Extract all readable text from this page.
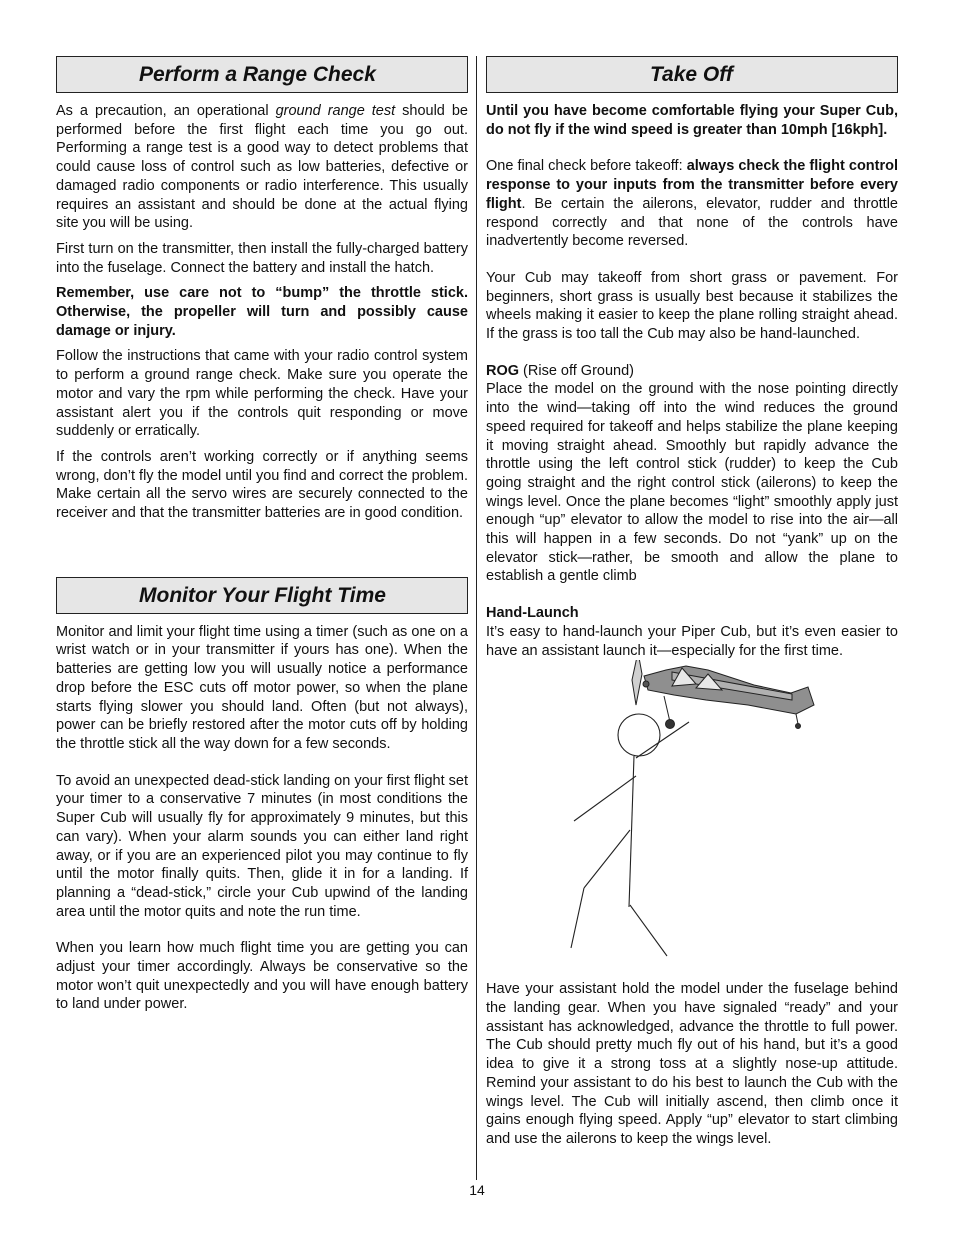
Perform a Range Check

As a precaution, an operational ground range test should be performed before the first flight each time you go out. Performing a range test is a good way to detect problems that could cause loss of control such as low batteries, defective or damaged radio components or radio interference. This usually requires an assistant and should be done at the actual flying site you will be using.

First turn on the transmitter, then install the fully-charged battery into the fuselage. Connect the battery and install the hatch.

Remember, use care not to “bump” the throttle stick. Otherwise, the propeller will turn and possibly cause damage or injury.

Follow the instructions that came with your radio control system to perform a ground range check. Make sure you operate the motor and vary the rpm while performing the check. Have your assistant alert you if the controls quit responding or move suddenly or erratically.

If the controls aren’t working correctly or if anything seems wrong, don’t fly the model until you find and correct the problem. Make certain all the servo wires are securely connected to the receiver and that the transmitter batteries are in good condition.

Monitor Your Flight Time

Monitor and limit your flight time using a timer (such as one on a wrist watch or in your transmitter if yours has one). When the batteries are getting low you will usually notice a performance drop before the ESC cuts off motor power, so when the plane starts flying slower you should land. Often (but not always), power can be briefly restored after the motor cuts off by holding the throttle stick all the way down for a few seconds.

To avoid an unexpected dead-stick landing on your first flight set your timer to a conservative 7 minutes (in most conditions the Super Cub will usually fly for approximately 9 minutes, but this can vary). When your alarm sounds you can either land right away, or if you are an experienced pilot you may continue to fly until the motor finally quits. Then, glide it in for a landing. If planning a “dead-stick,” circle your Cub upwind of the landing area until the motor quits and note the run time.

When you learn how much flight time you are getting you can adjust your timer accordingly. Always be conservative so the motor won’t quit unexpectedly and you will have enough battery to land under power.

Take Off

Until you have become comfortable flying your Super Cub, do not fly if the wind speed is greater than 10mph [16kph].

One final check before takeoff: always check the flight control response to your inputs from the transmitter before every flight. Be certain the ailerons, elevator, rudder and throttle respond correctly and that none of the controls have inadvertently become reversed.

Your Cub may takeoff from short grass or pavement. For beginners, short grass is usually best because it stabilizes the wheels making it easier to keep the plane rolling straight ahead. If the grass is too tall the Cub may also be hand-launched.

ROG (Rise off Ground)

Place the model on the ground with the nose pointing directly into the wind—taking off into the wind reduces the ground speed required for takeoff and helps stabilize the plane keeping it moving straight ahead. Smoothly but rapidly advance the throttle using the left control stick (rudder) to keep the Cub going straight and the right control stick (ailerons) to keep the wings level. Once the plane becomes “light” smoothly apply just enough “up” elevator to allow the model to rise into the air—all this will happen in a few seconds. Do not “yank” up on the elevator stick—rather, be smooth and allow the plane to establish a gentle climb

Hand-Launch

It’s easy to hand-launch your Piper Cub, but it’s even easier to have an assistant launch it—especially for the first time.

Have your assistant hold the model under the fuselage behind the landing gear. When you have signaled “ready” and your assistant has acknowledged, advance the throttle to full power. The Cub should pretty much fly out of his hand, but it’s a good idea to give it a strong toss at a slightly nose-up attitude. Remind your assistant to do his best to launch the Cub with the wings level. The Cub will initially ascend, then climb once it gains enough flying speed. Apply “up” elevator to start climbing and use the ailerons to keep the wings level.

14
